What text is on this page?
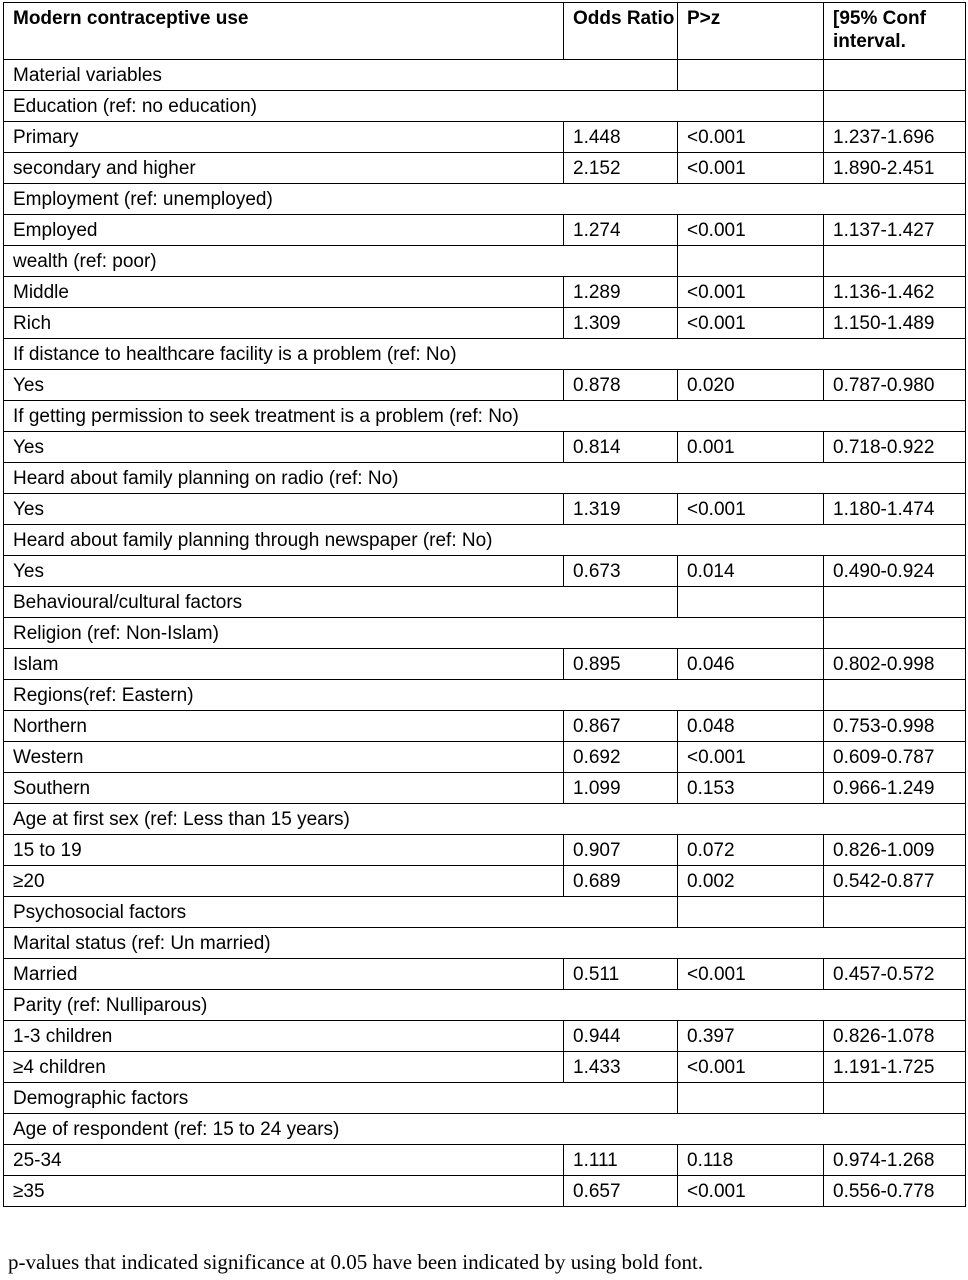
Modern contraceptive use	Odds Ratio	P>z	[95% Conf interval.
Material variables			
Education (ref: no education)			
Primary	1.448	<0.001	1.237-1.696
secondary and higher	2.152	<0.001	1.890-2.451
Employment (ref: unemployed)			
Employed	1.274	<0.001	1.137-1.427
wealth (ref: poor)			
Middle	1.289	<0.001	1.136-1.462
Rich	1.309	<0.001	1.150-1.489
If distance to healthcare facility is a problem (ref: No)			
Yes	0.878	0.020	0.787-0.980
If getting permission to seek treatment is a problem (ref: No)			
Yes	0.814	0.001	0.718-0.922
Heard about family planning on radio (ref: No)			
Yes	1.319	<0.001	1.180-1.474
Heard about family planning through newspaper (ref: No)			
Yes	0.673	0.014	0.490-0.924
Behavioural/cultural factors			
Religion (ref: Non-Islam)			
Islam	0.895	0.046	0.802-0.998
Regions(ref: Eastern)			
Northern	0.867	0.048	0.753-0.998
Western	0.692	<0.001	0.609-0.787
Southern	1.099	0.153	0.966-1.249
Age at first sex (ref: Less than 15 years)			
15 to 19	0.907	0.072	0.826-1.009
≥20	0.689	0.002	0.542-0.877
Psychosocial factors			
Marital status (ref: Un married)			
Married	0.511	<0.001	0.457-0.572
Parity (ref: Nulliparous)			
1-3 children	0.944	0.397	0.826-1.078
≥4 children	1.433	<0.001	1.191-1.725
Demographic factors			
Age of respondent (ref: 15 to 24 years)			
25-34	1.111	0.118	0.974-1.268
≥35	0.657	<0.001	0.556-0.778
p-values that indicated significance at 0.05 have been indicated by using bold font.
